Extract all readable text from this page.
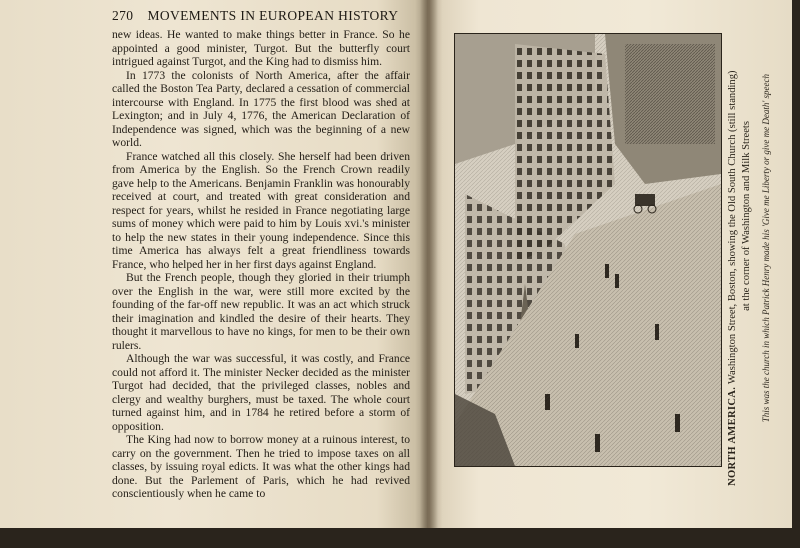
270 MOVEMENTS IN EUROPEAN HISTORY

new ideas. He wanted to make things better in France. So he appointed a good minister, Turgot. But the butterfly court intrigued against Turgot, and the King had to dismiss him.

In 1773 the colonists of North America, after the affair called the Boston Tea Party, declared a cessation of commercial intercourse with England. In 1775 the first blood was shed at Lexington; and in July 4, 1776, the American Declaration of Independence was signed, which was the beginning of a new world.

France watched all this closely. She herself had been driven from America by the English. So the French Crown readily gave help to the Americans. Benjamin Franklin was honourably received at court, and treated with great consideration and respect for years, whilst he resided in France negotiating large sums of money which were paid to him by Louis xvi.'s minister to help the new states in their young independence. Since this time America has always felt a great friendliness towards France, who helped her in her first days against England.

But the French people, though they gloried in their triumph over the English in the war, were still more excited by the founding of the far-off new republic. It was an act which struck their imagination and kindled the desire of their hearts. They thought it marvellous to have no kings, for men to be their own rulers.

Although the war was successful, it was costly, and France could not afford it. The minister Necker decided as the minister Turgot had decided, that the privileged classes, nobles and clergy and wealthy burghers, must be taxed. The whole court turned against him, and in 1784 he retired before a storm of opposition.

The King had now to borrow money at a ruinous interest, to carry on the government. Then he tried to impose taxes on all classes, by issuing royal edicts. It was what the other kings had done. But the Parlement of Paris, which he had revived conscientiously when he came to

NORTH AMERICA. Washington Street, Boston, showing the Old South Church (still standing) at the corner of Washington and Milk Streets This was the church in which Patrick Henry made his 'Give me Liberty or give me Death' speech
